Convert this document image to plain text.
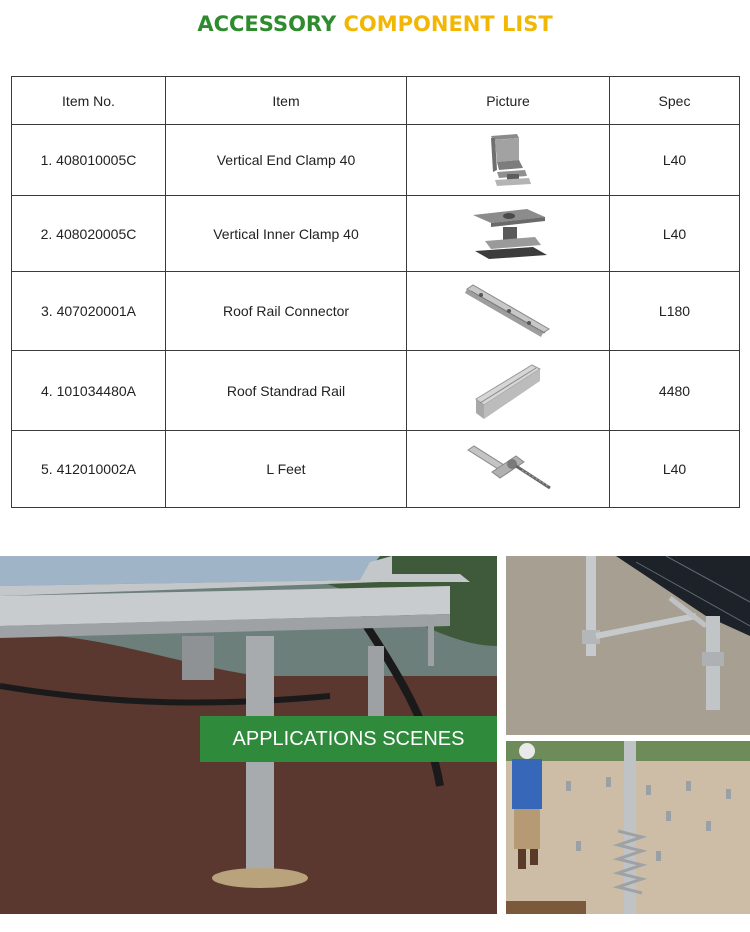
ACCESSORY COMPONENT LIST
Item No.	Item	Picture	Spec
1. 408010005C	Vertical End Clamp 40		L40
2. 408020005C	Vertical Inner Clamp 40		L40
3. 407020001A	Roof Rail Connector		L180
4. 101034480A	Roof Standrad Rail		4480
5. 412010002A	L Feet		L40
APPLICATIONS SCENES
